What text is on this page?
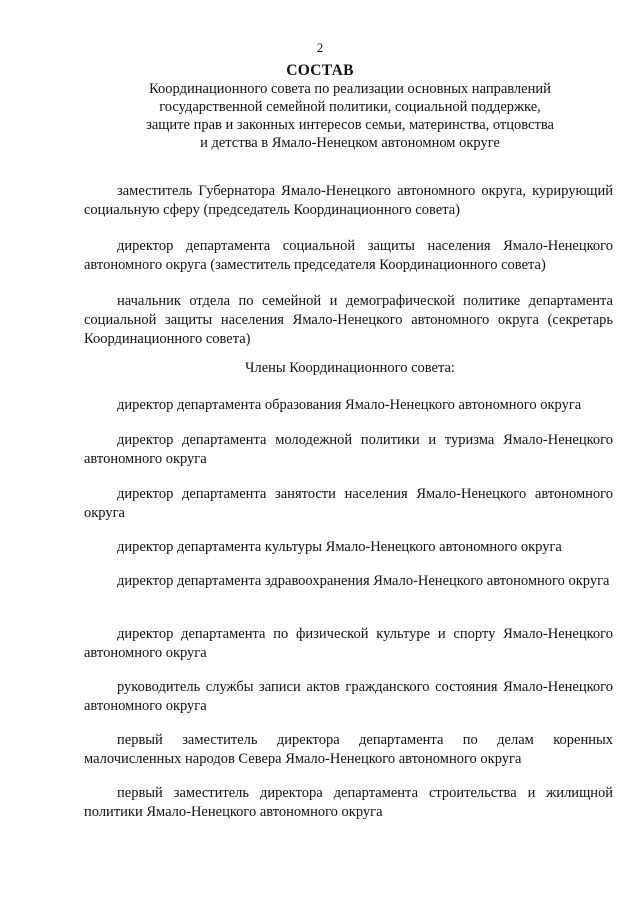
2
СОСТАВ
Координационного совета по реализации основных направлений
государственной семейной политики, социальной поддержке,
защите прав и законных интересов семьи, материнства, отцовства
и детства в Ямало-Ненецком автономном округе
заместитель Губернатора Ямало-Ненецкого автономного округа, курирующий социальную сферу (председатель Координационного совета)
директор департамента социальной защиты населения Ямало-Ненецкого автономного округа (заместитель председателя Координационного совета)
начальник отдела по семейной и демографической политике департамента социальной защиты населения Ямало-Ненецкого автономного округа (секретарь Координационного совета)
Члены Координационного совета:
директор департамента образования Ямало-Ненецкого автономного округа
директор департамента молодежной политики и туризма Ямало-Ненецкого автономного округа
директор департамента занятости населения Ямало-Ненецкого автономного округа
директор департамента культуры Ямало-Ненецкого автономного округа
директор департамента здравоохранения Ямало-Ненецкого автономного округа
директор департамента по физической культуре и спорту Ямало-Ненецкого автономного округа
руководитель службы записи актов гражданского состояния Ямало-Ненецкого автономного округа
первый заместитель директора департамента по делам коренных малочисленных народов Севера Ямало-Ненецкого автономного округа
первый заместитель директора департамента строительства и жилищной политики Ямало-Ненецкого автономного округа
